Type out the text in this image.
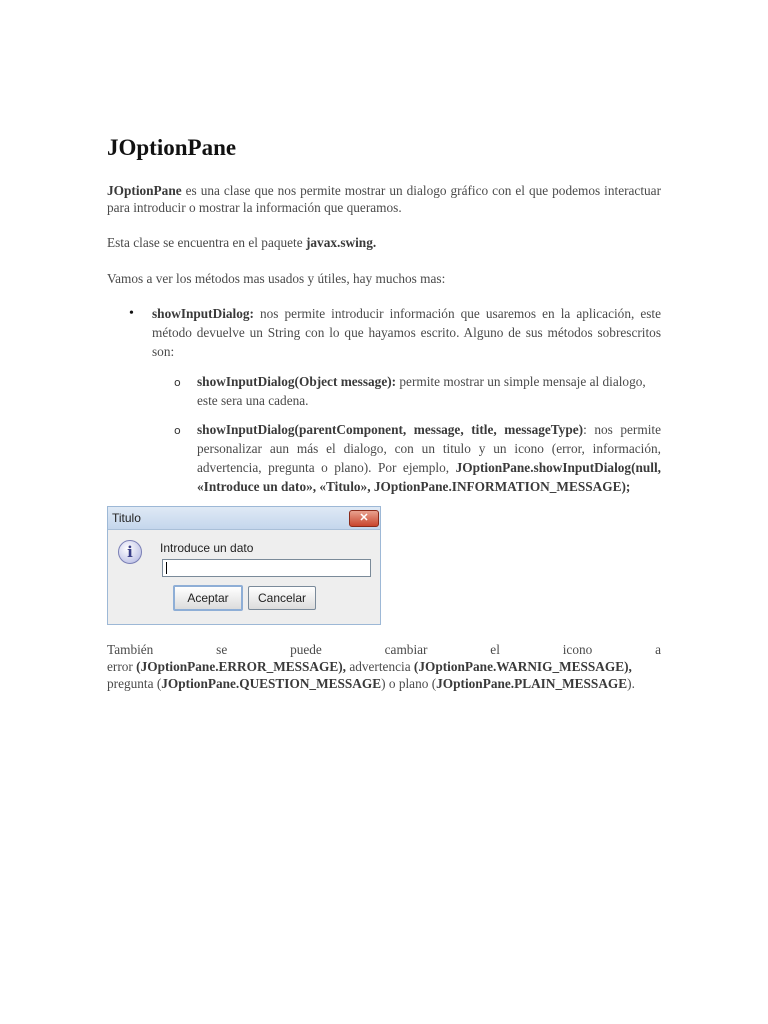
JOptionPane

JOptionPane es una clase que nos permite mostrar un dialogo gráfico con el que podemos interactuar para introducir o mostrar la información que queramos.

Esta clase se encuentra en el paquete javax.swing.

Vamos a ver los métodos mas usados y útiles, hay muchos mas:

• showInputDialog: nos permite introducir información que usaremos en la aplicación, este método devuelve un String con lo que hayamos escrito. Alguno de sus métodos sobrescritos son:
o showInputDialog(Object message): permite mostrar un simple mensaje al dialogo, este sera una cadena.
o showInputDialog(parentComponent, message, title, messageType): nos permite personalizar aun más el dialogo, con un titulo y un icono (error, información, advertencia, pregunta o plano). Por ejemplo, JOptionPane.showInputDialog(null, «Introduce un dato», «Titulo», JOptionPane.INFORMATION_MESSAGE);
Titulo	✕
i	Introduce un dato
Aceptar	Cancelar

También se puede cambiar el icono a

error (JOptionPane.ERROR_MESSAGE), advertencia (JOptionPane.WARNIG_MESSAGE),

pregunta (JOptionPane.QUESTION_MESSAGE) o plano (JOptionPane.PLAIN_MESSAGE).
